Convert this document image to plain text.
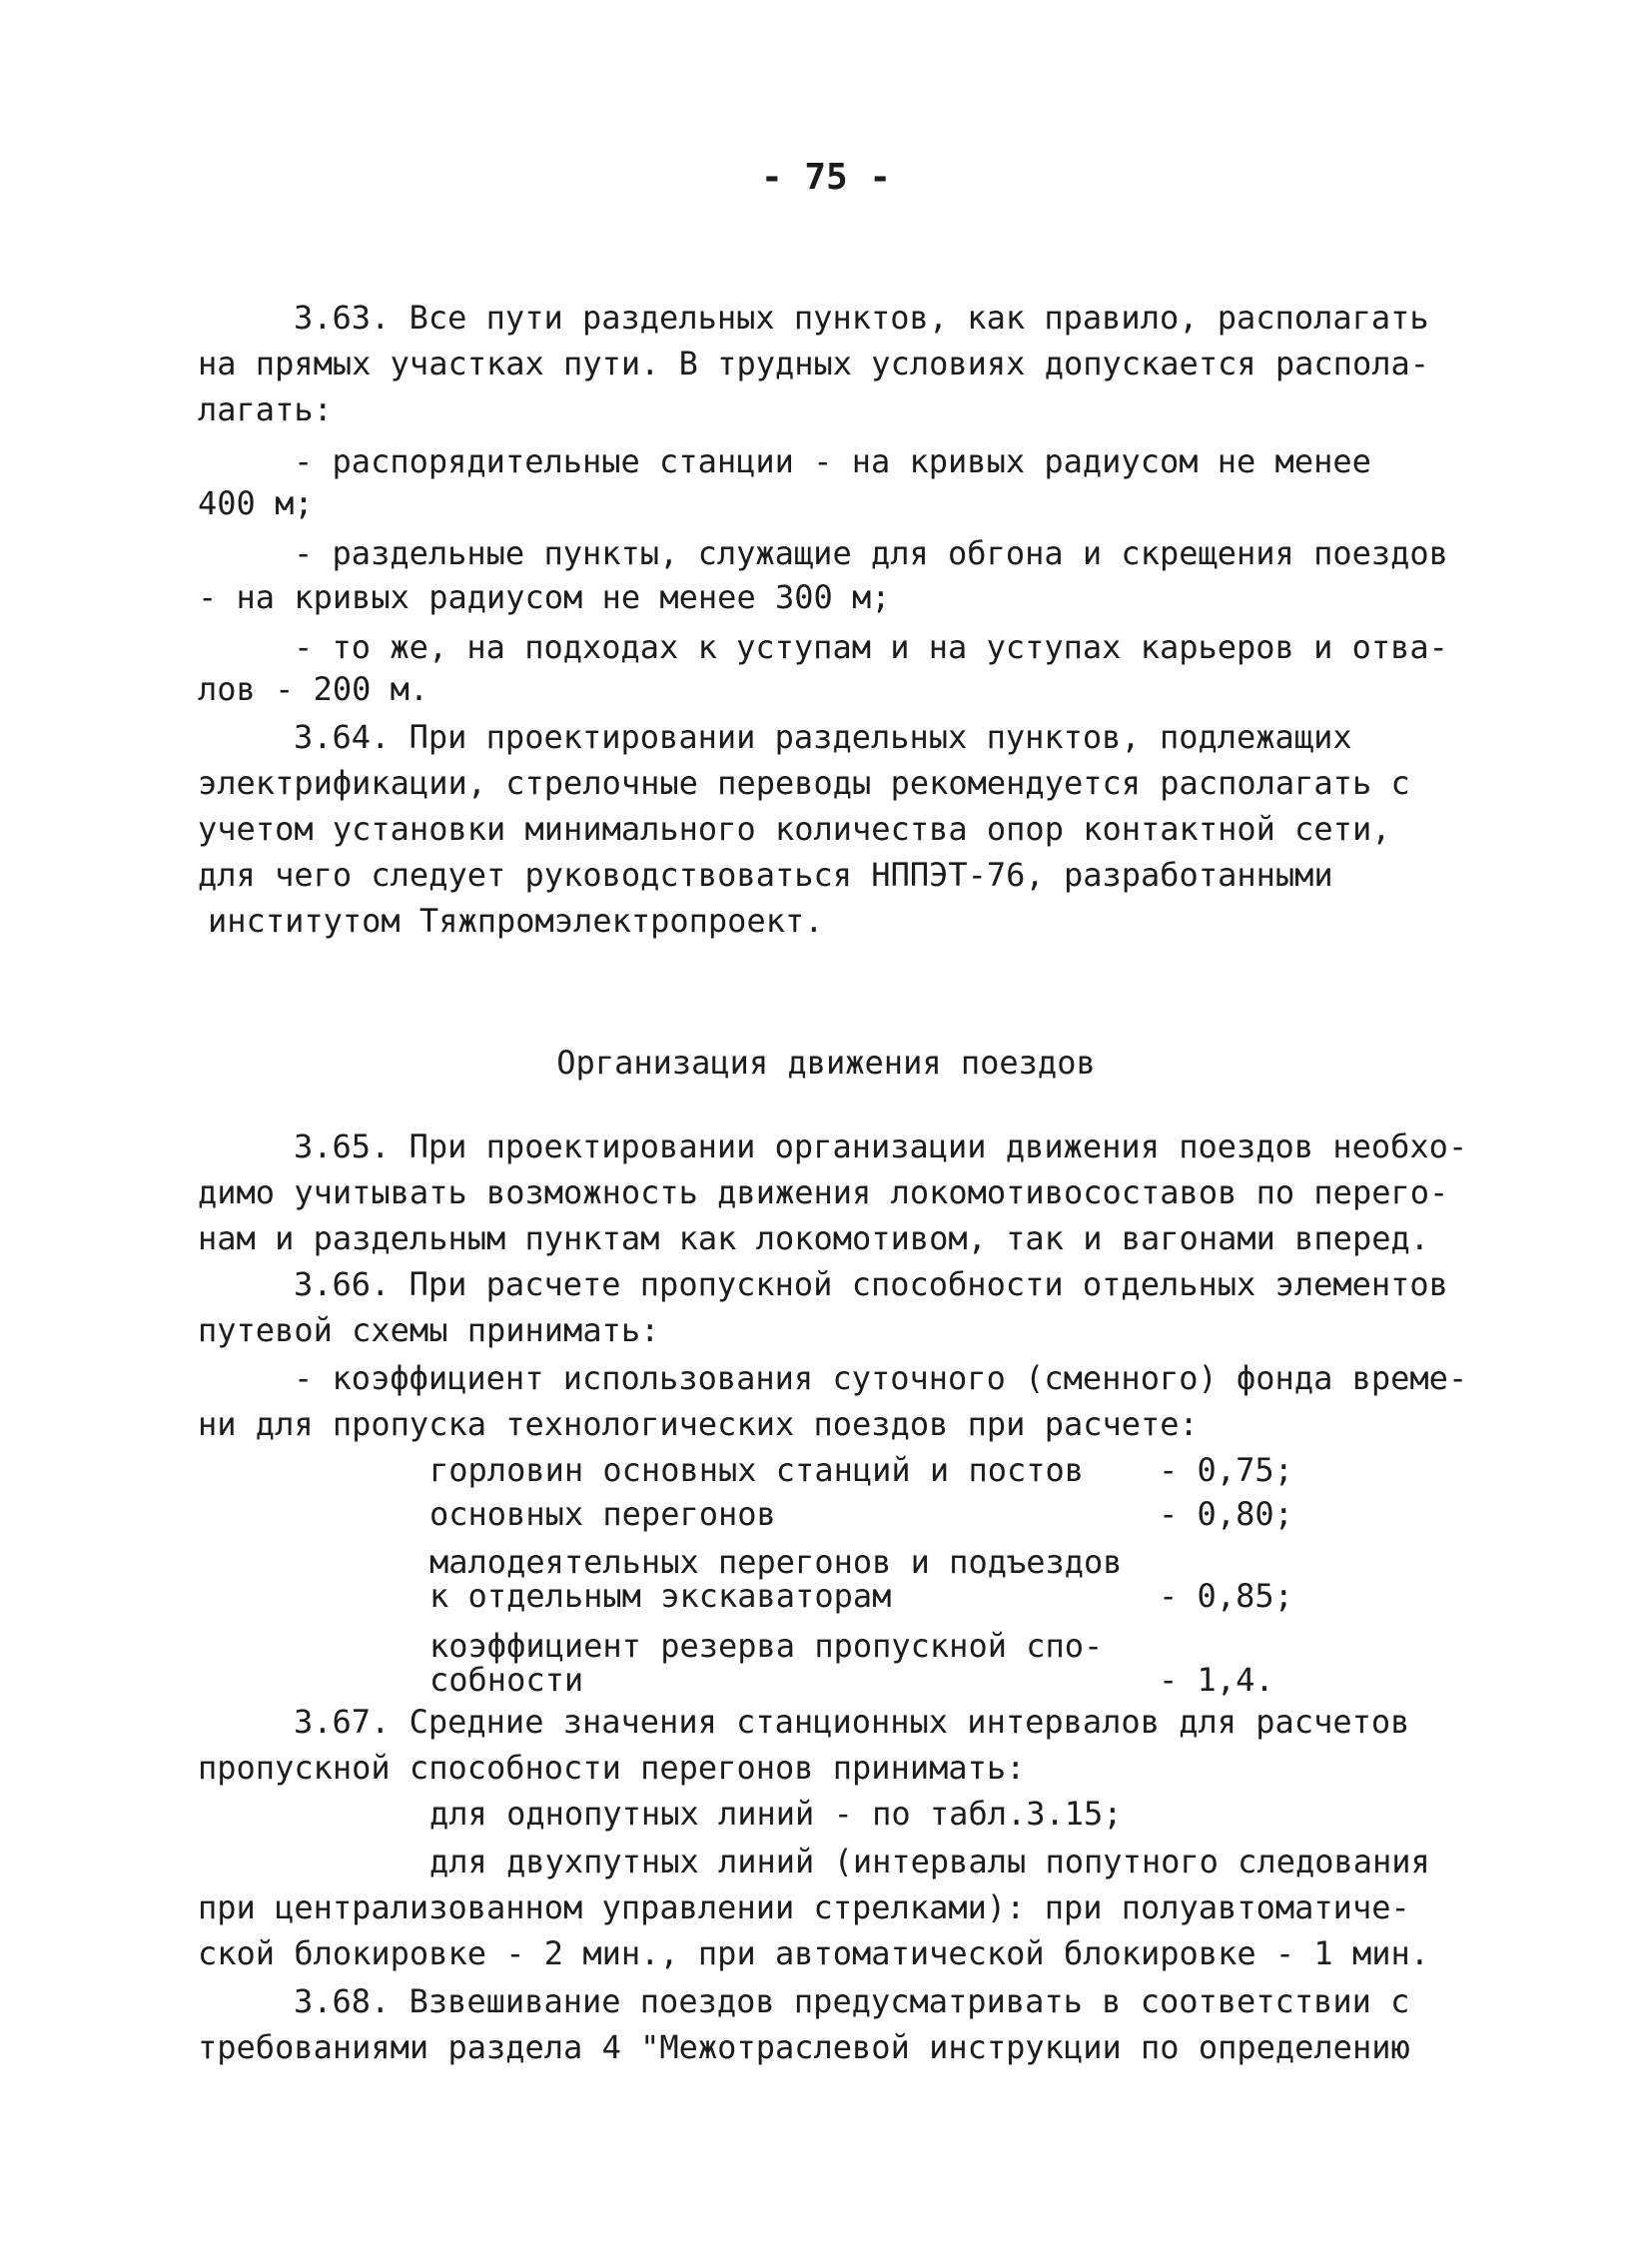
- 75 -
3.63. Все пути раздельных пунктов, как правило, располагать
на прямых участках пути. В трудных условиях допускается распола-
лагать:
- распорядительные станции - на кривых радиусом не менее
400 м;
- раздельные пункты, служащие для обгона и скрещения поездов
- на кривых радиусом не менее 300 м;
- то же, на подходах к уступам и на уступах карьеров и отва-
лов - 200 м.
3.64. При проектировании раздельных пунктов, подлежащих
электрификации, стрелочные переводы рекомендуется располагать с
учетом установки минимального количества опор контактной сети,
для чего следует руководствоваться НППЭТ-76, разработанными
институтом Тяжпромэлектропроект.
Организация движения поездов
3.65. При проектировании организации движения поездов необхо-
димо учитывать возможность движения локомотивосоставов по перего-
нам и раздельным пунктам как локомотивом, так и вагонами вперед.
3.66. При расчете пропускной способности отдельных элементов
путевой схемы принимать:
- коэффициент использования суточного (сменного) фонда време-
ни для пропуска технологических поездов при расчете:
горловин основных станций и постов - 0,75;
основных перегонов	- 0,80;
малодеятельных перегонов и подъездов
к отдельным экскаваторам	- 0,85;
коэффициент резерва пропускной спо-
собности	- 1,4.
3.67. Средние значения станционных интервалов для расчетов
пропускной способности перегонов принимать:
для однопутных линий - по табл.3.15;
для двухпутных линий (интервалы попутного следования
при централизованном управлении стрелками): при полуавтоматиче-
ской блокировке - 2 мин., при автоматической блокировке - 1 мин.
3.68. Взвешивание поездов предусматривать в соответствии с
требованиями раздела 4 "Межотраслевой инструкции по определению
